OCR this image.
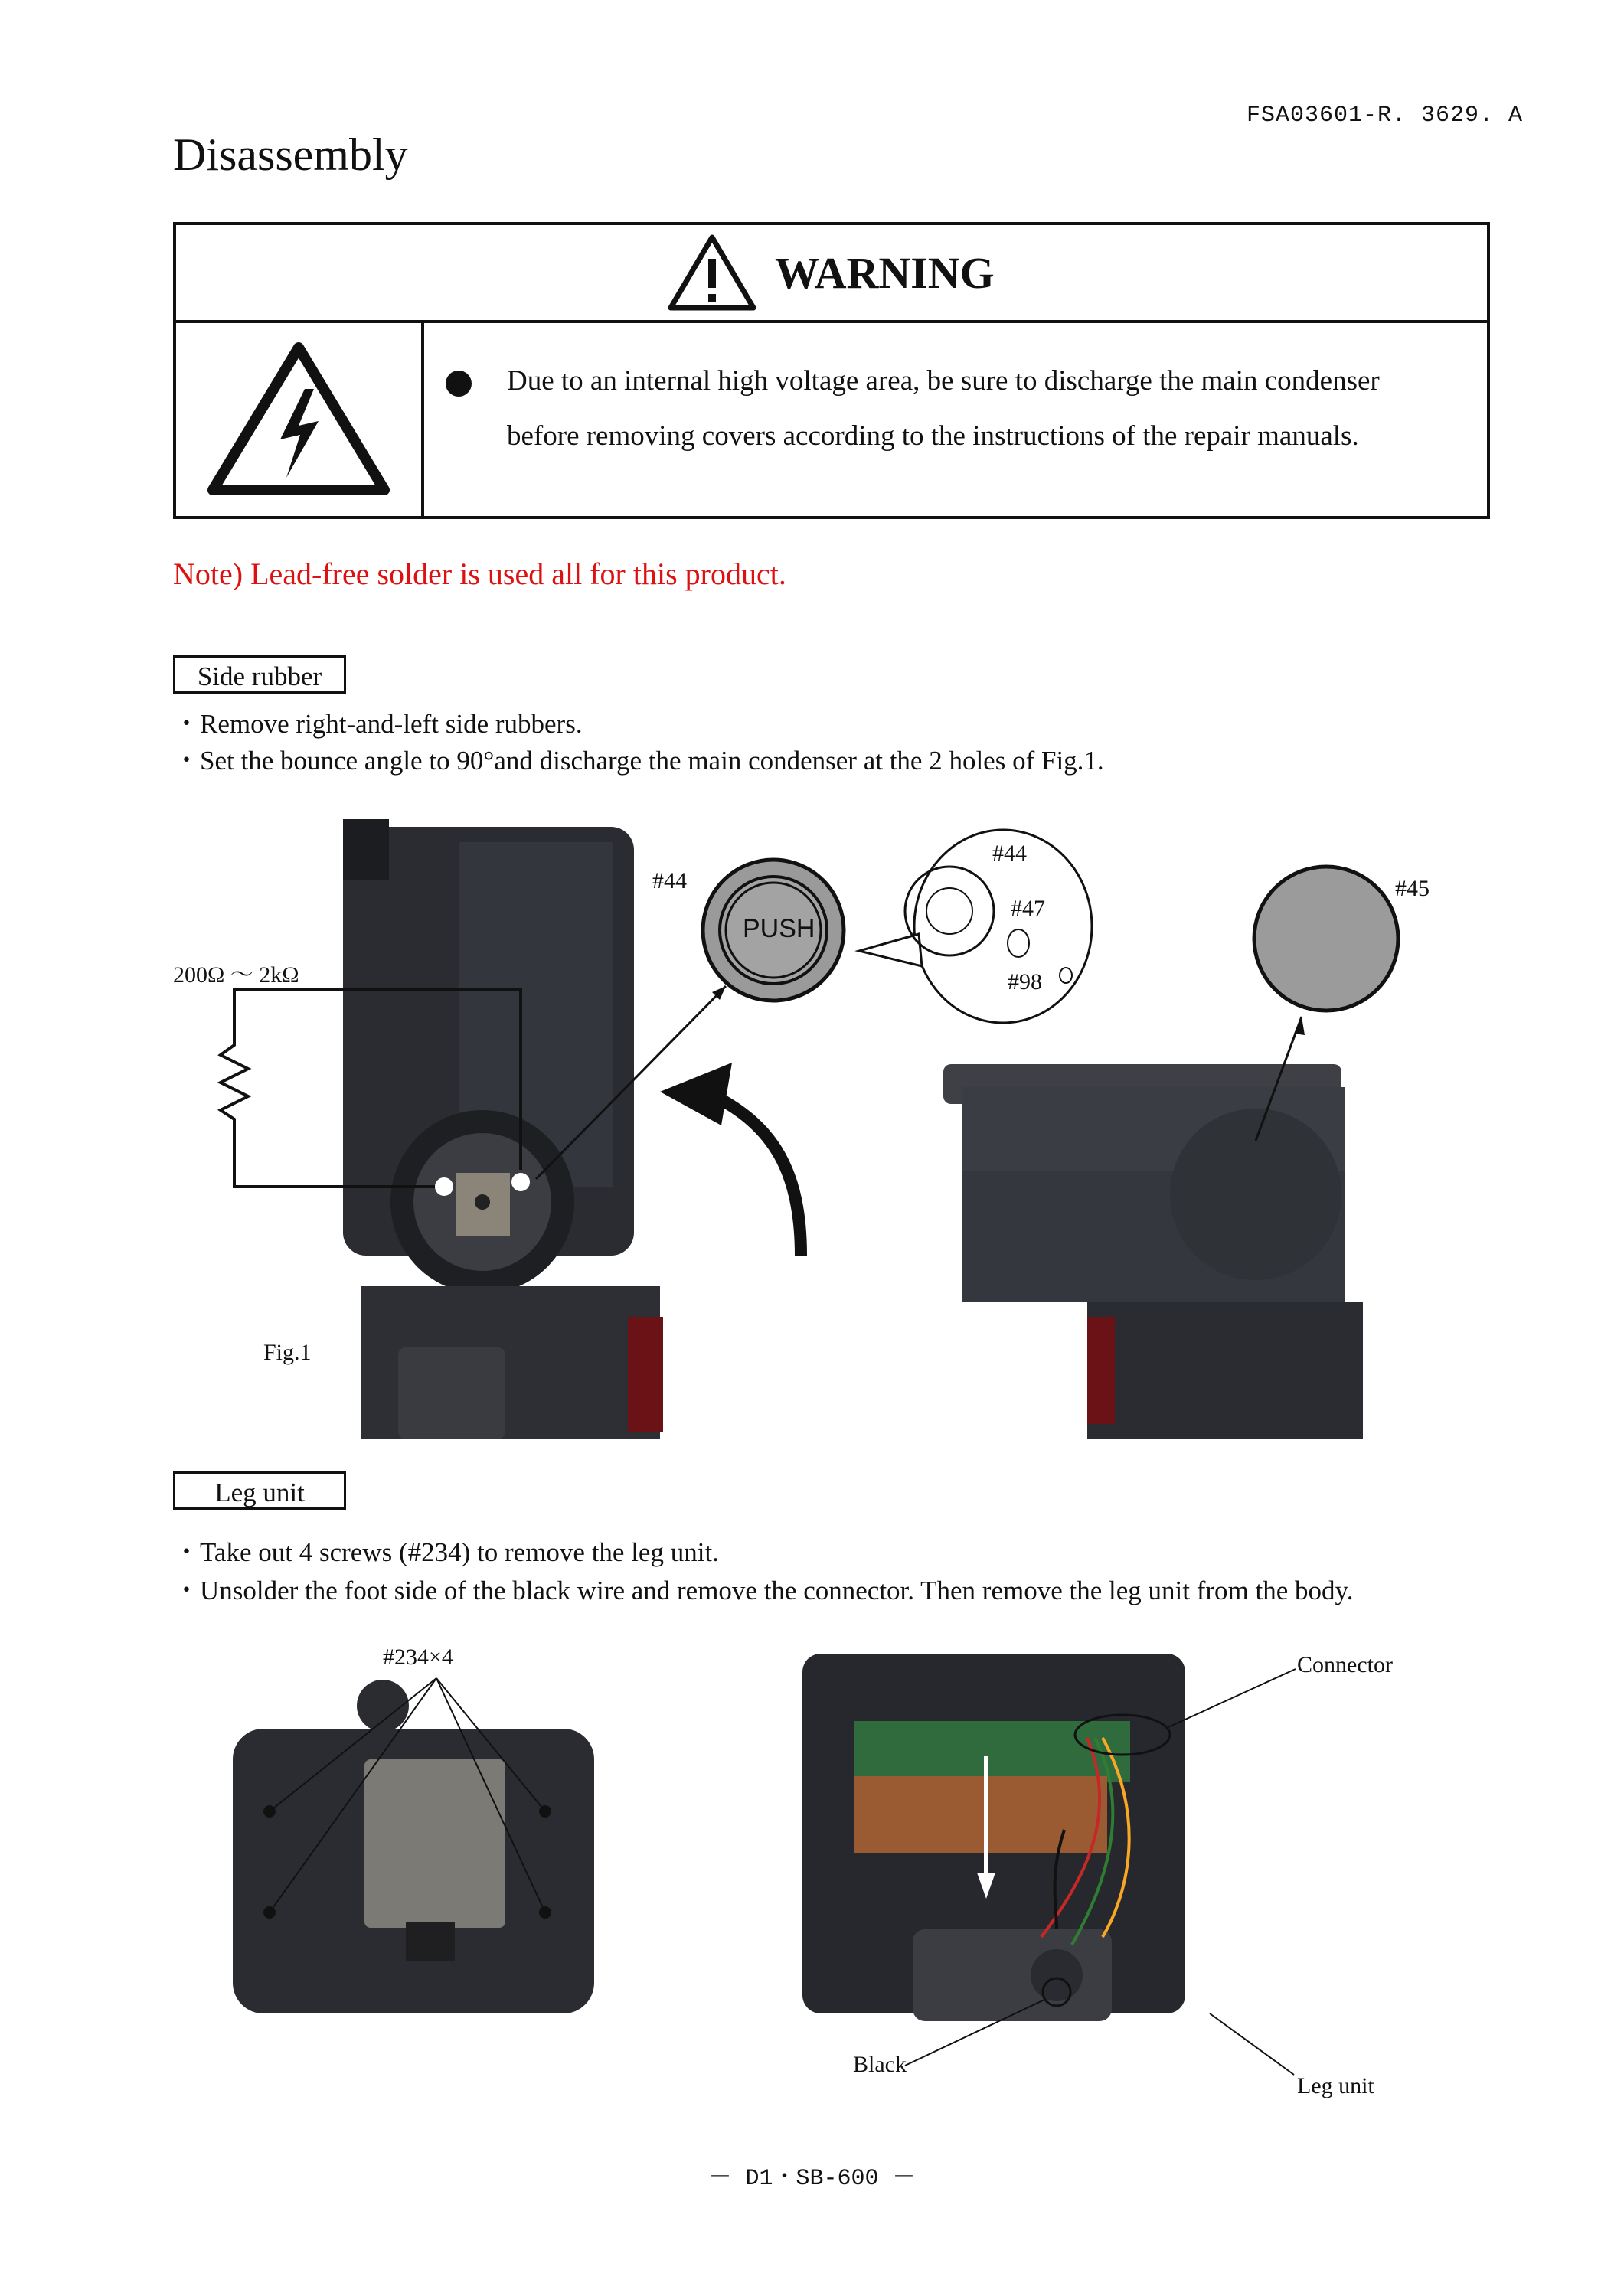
FSA03601-R. 3629. A
Disassembly
WARNING
Due to an internal high voltage area, be sure to discharge the main condenser
before removing covers according to the instructions of the repair manuals.
Note) Lead-free solder is used all for this product.
Side rubber
・Remove right-and-left side rubbers.
・Set the bounce angle to 90°and discharge the main condenser at the 2 holes of Fig.1.
200Ω ～ 2kΩ
#44
PUSH
#44
#47
#98
#45
Fig.1
Leg unit
・Take out 4 screws (#234) to remove the leg unit.
・Unsolder the foot side of the black wire and remove the connector. Then remove the leg unit from the body.
#234×4	Connector
Black
Leg unit
－ D1・SB-600 －
